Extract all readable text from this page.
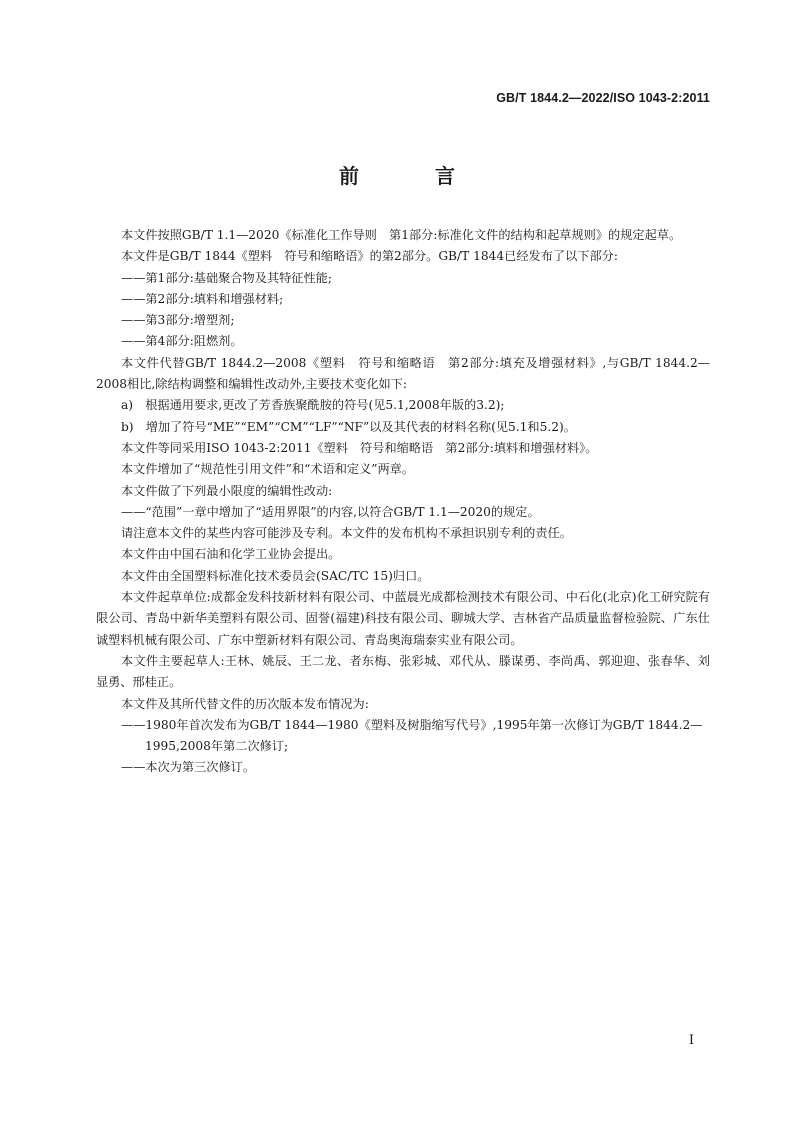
GB/T 1844.2—2022/ISO 1043-2:2011
前　言

本文件按照GB/T 1.1—2020《标准化工作导则　第1部分:标准化文件的结构和起草规则》的规定起草。

本文件是GB/T 1844《塑料　符号和缩略语》的第2部分。GB/T 1844已经发布了以下部分:

——第1部分:基础聚合物及其特征性能;

——第2部分:填料和增强材料;

——第3部分:增塑剂;

——第4部分:阻燃剂。

本文件代替GB/T 1844.2—2008《塑料　符号和缩略语　第2部分:填充及增强材料》,与GB/T 1844.2—2008相比,除结构调整和编辑性改动外,主要技术变化如下:

a)　根据通用要求,更改了芳香族聚酰胺的符号(见5.1,2008年版的3.2);

b)　增加了符号“ME”“EM”“CM”“LF”“NF”以及其代表的材料名称(见5.1和5.2)。

本文件等同采用ISO 1043-2:2011《塑料　符号和缩略语　第2部分:填料和增强材料》。

本文件增加了“规范性引用文件”和“术语和定义”两章。

本文件做了下列最小限度的编辑性改动:

——“范围”一章中增加了“适用界限”的内容,以符合GB/T 1.1—2020的规定。

请注意本文件的某些内容可能涉及专利。本文件的发布机构不承担识别专利的责任。

本文件由中国石油和化学工业协会提出。

本文件由全国塑料标准化技术委员会(SAC/TC 15)归口。

本文件起草单位:成都金发科技新材料有限公司、中蓝晨光成都检测技术有限公司、中石化(北京)化工研究院有限公司、青岛中新华美塑料有限公司、固誉(福建)科技有限公司、聊城大学、吉林省产品质量监督检验院、广东仕诚塑料机械有限公司、广东中塑新材料有限公司、青岛奥海瑞泰实业有限公司。

本文件主要起草人:王林、姚辰、王二龙、者东梅、张彩城、邓代从、滕谋勇、李尚禹、郭迎迎、张春华、刘显勇、邢桂正。

本文件及其所代替文件的历次版本发布情况为:

——1980年首次发布为GB/T 1844—1980《塑料及树脂缩写代号》,1995年第一次修订为GB/T 1844.2—1995,2008年第二次修订;

——本次为第三次修订。

I
